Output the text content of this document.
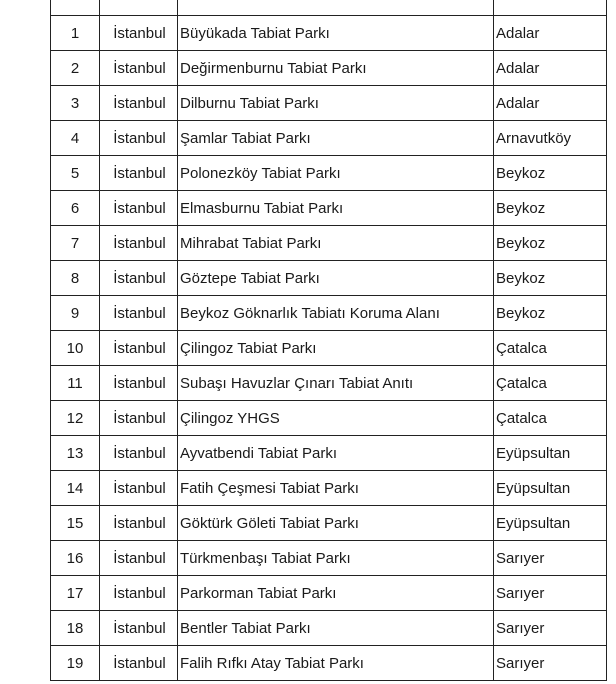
1	İstanbul	Büyükada Tabiat Parkı	Adalar
2	İstanbul	Değirmenburnu Tabiat Parkı	Adalar
3	İstanbul	Dilburnu Tabiat Parkı	Adalar
4	İstanbul	Şamlar Tabiat Parkı	Arnavutköy
5	İstanbul	Polonezköy Tabiat Parkı	Beykoz
6	İstanbul	Elmasburnu Tabiat Parkı	Beykoz
7	İstanbul	Mihrabat Tabiat Parkı	Beykoz
8	İstanbul	Göztepe Tabiat Parkı	Beykoz
9	İstanbul	Beykoz Göknarlık Tabiatı Koruma Alanı	Beykoz
10	İstanbul	Çilingoz Tabiat Parkı	Çatalca
11	İstanbul	Subaşı Havuzlar Çınarı Tabiat Anıtı	Çatalca
12	İstanbul	Çilingoz YHGS	Çatalca
13	İstanbul	Ayvatbendi Tabiat Parkı	Eyüpsultan
14	İstanbul	Fatih Çeşmesi Tabiat Parkı	Eyüpsultan
15	İstanbul	Göktürk Göleti Tabiat Parkı	Eyüpsultan
16	İstanbul	Türkmenbaşı Tabiat Parkı	Sarıyer
17	İstanbul	Parkorman Tabiat Parkı	Sarıyer
18	İstanbul	Bentler Tabiat Parkı	Sarıyer
19	İstanbul	Falih Rıfkı Atay Tabiat Parkı	Sarıyer
